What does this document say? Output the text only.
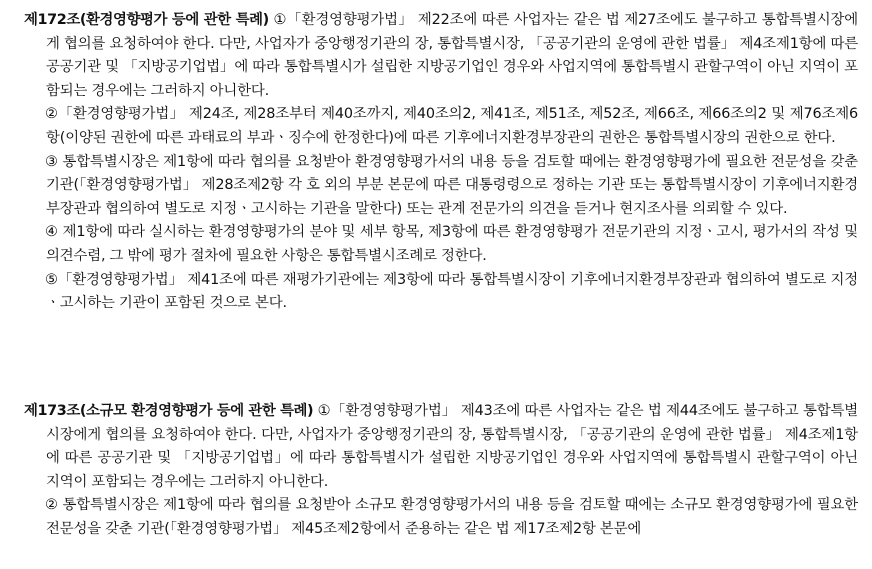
제172조(환경영향평가 등에 관한 특례) ①「환경영향평가법」 제22조에 따른 사업자는 같은 법 제27조에도 불구하고 통합특별시장에게 협의를 요청하여야 한다. 다만, 사업자가 중앙행정기관의 장, 통합특별시장, 「공공기관의 운영에 관한 법률」 제4조제1항에 따른 공공기관 및 「지방공기업법」에 따라 통합특별시가 설립한 지방공기업인 경우와 사업지역에 통합특별시 관할구역이 아닌 지역이 포함되는 경우에는 그러하지 아니한다.
②「환경영향평가법」 제24조, 제28조부터 제40조까지, 제40조의2, 제41조, 제51조, 제52조, 제66조, 제66조의2 및 제76조제6항(이양된 권한에 따른 과태료의 부과ㆍ징수에 한정한다)에 따른 기후에너지환경부장관의 권한은 통합특별시장의 권한으로 한다.
③ 통합특별시장은 제1항에 따라 협의를 요청받아 환경영향평가서의 내용 등을 검토할 때에는 환경영향평가에 필요한 전문성을 갖춘 기관(「환경영향평가법」 제28조제2항 각 호 외의 부분 본문에 따른 대통령령으로 정하는 기관 또는 통합특별시장이 기후에너지환경부장관과 협의하여 별도로 지정ㆍ고시하는 기관을 말한다) 또는 관계 전문가의 의견을 듣거나 현지조사를 의뢰할 수 있다.
④ 제1항에 따라 실시하는 환경영향평가의 분야 및 세부 항목, 제3항에 따른 환경영향평가 전문기관의 지정ㆍ고시, 평가서의 작성 및 의견수렴, 그 밖에 평가 절차에 필요한 사항은 통합특별시조례로 정한다.
⑤「환경영향평가법」 제41조에 따른 재평가기관에는 제3항에 따라 통합특별시장이 기후에너지환경부장관과 협의하여 별도로 지정ㆍ고시하는 기관이 포함된 것으로 본다.
제173조(소규모 환경영향평가 등에 관한 특례) ①「환경영향평가법」 제43조에 따른 사업자는 같은 법 제44조에도 불구하고 통합특별시장에게 협의를 요청하여야 한다. 다만, 사업자가 중앙행정기관의 장, 통합특별시장, 「공공기관의 운영에 관한 법률」 제4조제1항에 따른 공공기관 및 「지방공기업법」에 따라 통합특별시가 설립한 지방공기업인 경우와 사업지역에 통합특별시 관할구역이 아닌 지역이 포함되는 경우에는 그러하지 아니한다.
② 통합특별시장은 제1항에 따라 협의를 요청받아 소규모 환경영향평가서의 내용 등을 검토할 때에는 소규모 환경영향평가에 필요한 전문성을 갖춘 기관(「환경영향평가법」 제45조제2항에서 준용하는 같은 법 제17조제2항 본문에
